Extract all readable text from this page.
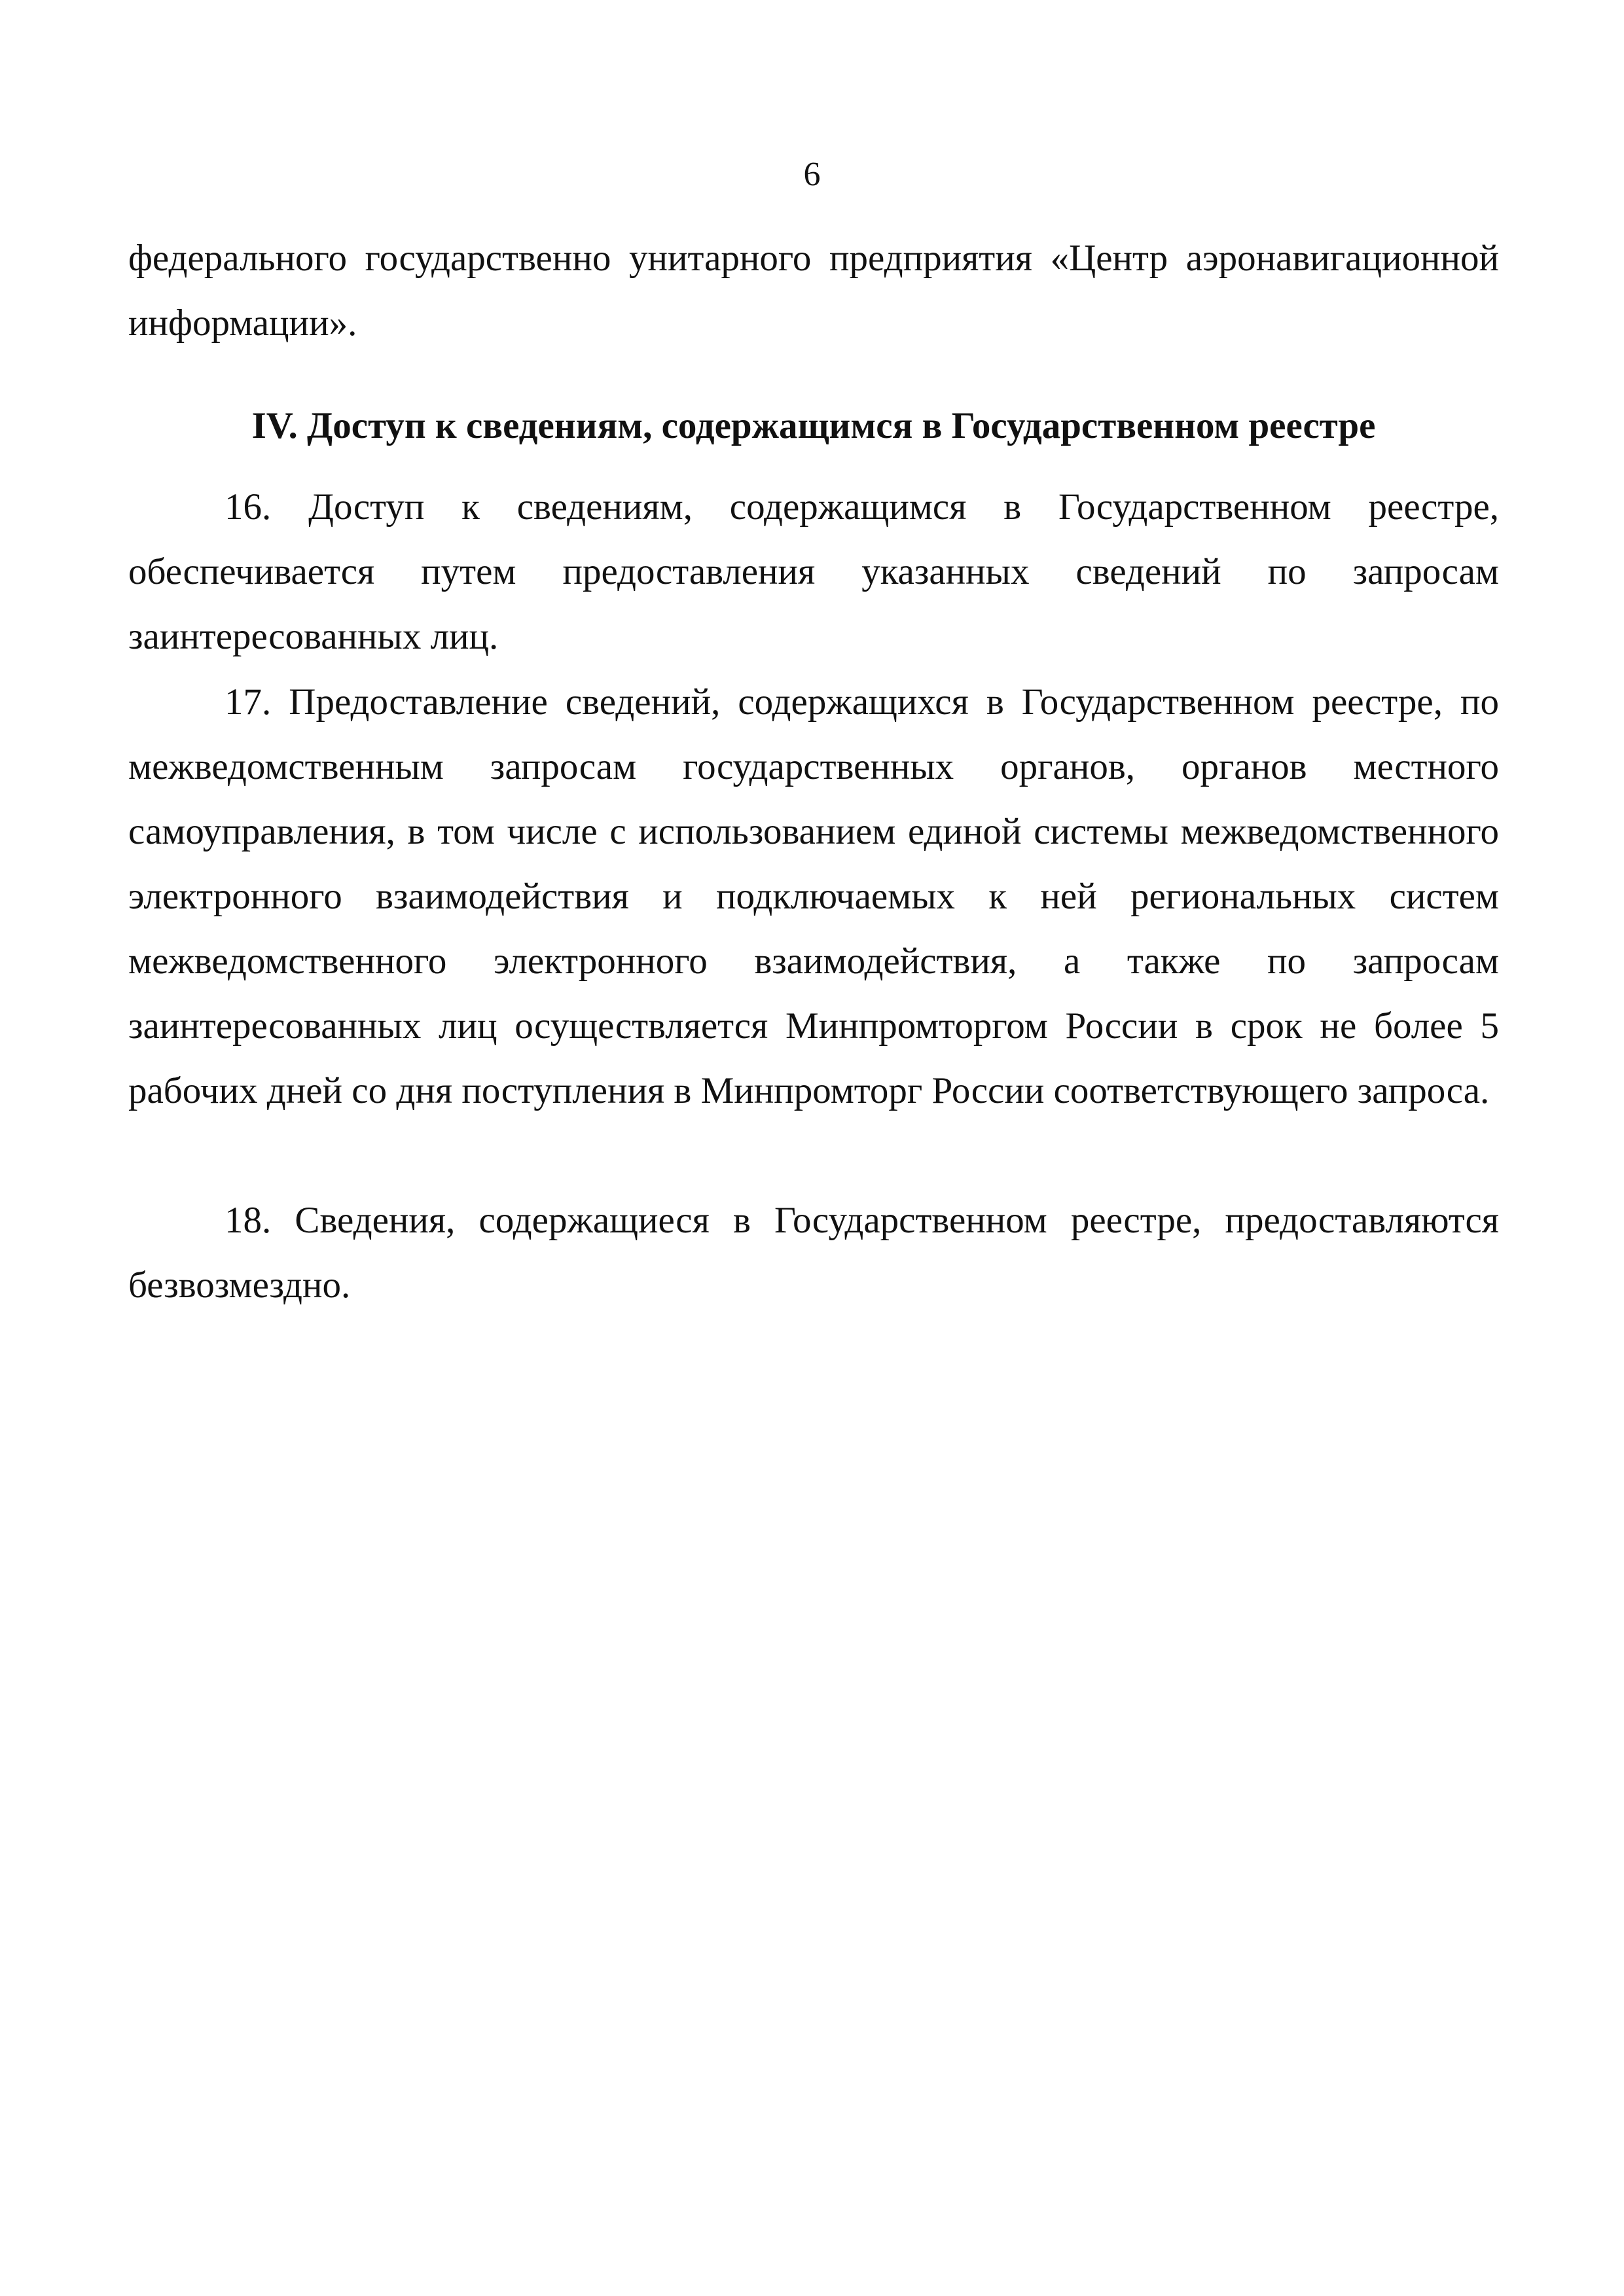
6

федерального государственно унитарного предприятия «Центр аэронавигационной информации».

IV. Доступ к сведениям, содержащимся в Государственном реестре

16. Доступ к сведениям, содержащимся в Государственном реестре, обеспечивается путем предоставления указанных сведений по запросам заинтересованных лиц.

17. Предоставление сведений, содержащихся в Государственном реестре, по межведомственным запросам государственных органов, органов местного самоуправления, в том числе с использованием единой системы межведомственного электронного взаимодействия и подключаемых к ней региональных систем межведомственного электронного взаимодействия, а также по запросам заинтересованных лиц осуществляется Минпромторгом России в срок не более 5 рабочих дней со дня поступления в Минпромторг России соответствующего запроса.

18. Сведения, содержащиеся в Государственном реестре, предоставляются безвозмездно.
